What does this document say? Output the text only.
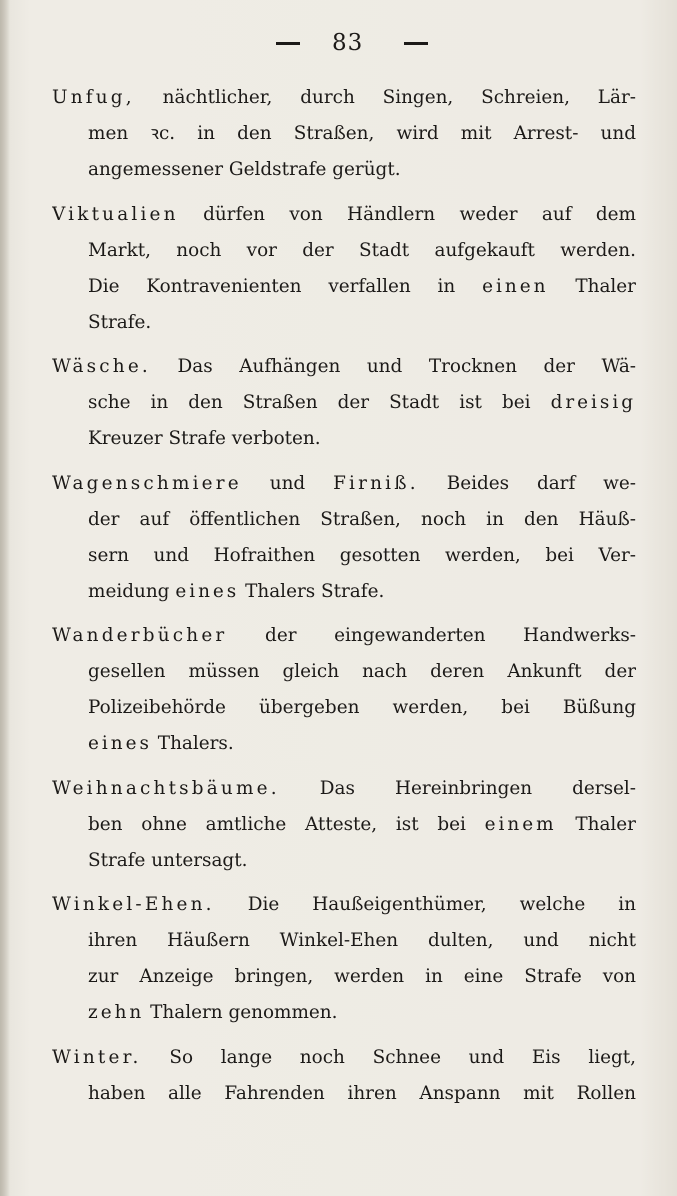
83
Unfug, nächtlicher, durch Singen, Schreien, Lär-
men ꝛc. in den Straßen, wird mit Arrest- und
angemessener Geldstrafe gerügt.
Viktualien dürfen von Händlern weder auf dem
Markt, noch vor der Stadt aufgekauft werden.
Die Kontravenienten verfallen in einen Thaler
Strafe.
Wäsche. Das Aufhängen und Trocknen der Wä-
sche in den Straßen der Stadt ist bei dreisig
Kreuzer Strafe verboten.
Wagenschmiere und Firniß. Beides darf we-
der auf öffentlichen Straßen, noch in den Häuß-
sern und Hofraithen gesotten werden, bei Ver-
meidung eines Thalers Strafe.
Wanderbücher der eingewanderten Handwerks-
gesellen müssen gleich nach deren Ankunft der
Polizeibehörde übergeben werden, bei Büßung
eines Thalers.
Weihnachtsbäume. Das Hereinbringen dersel-
ben ohne amtliche Atteste, ist bei einem Thaler
Strafe untersagt.
Winkel-Ehen. Die Haußeigenthümer, welche in
ihren Häußern Winkel-Ehen dulten, und nicht
zur Anzeige bringen, werden in eine Strafe von
zehn Thalern genommen.
Winter. So lange noch Schnee und Eis liegt,
haben alle Fahrenden ihren Anspann mit Rollen
